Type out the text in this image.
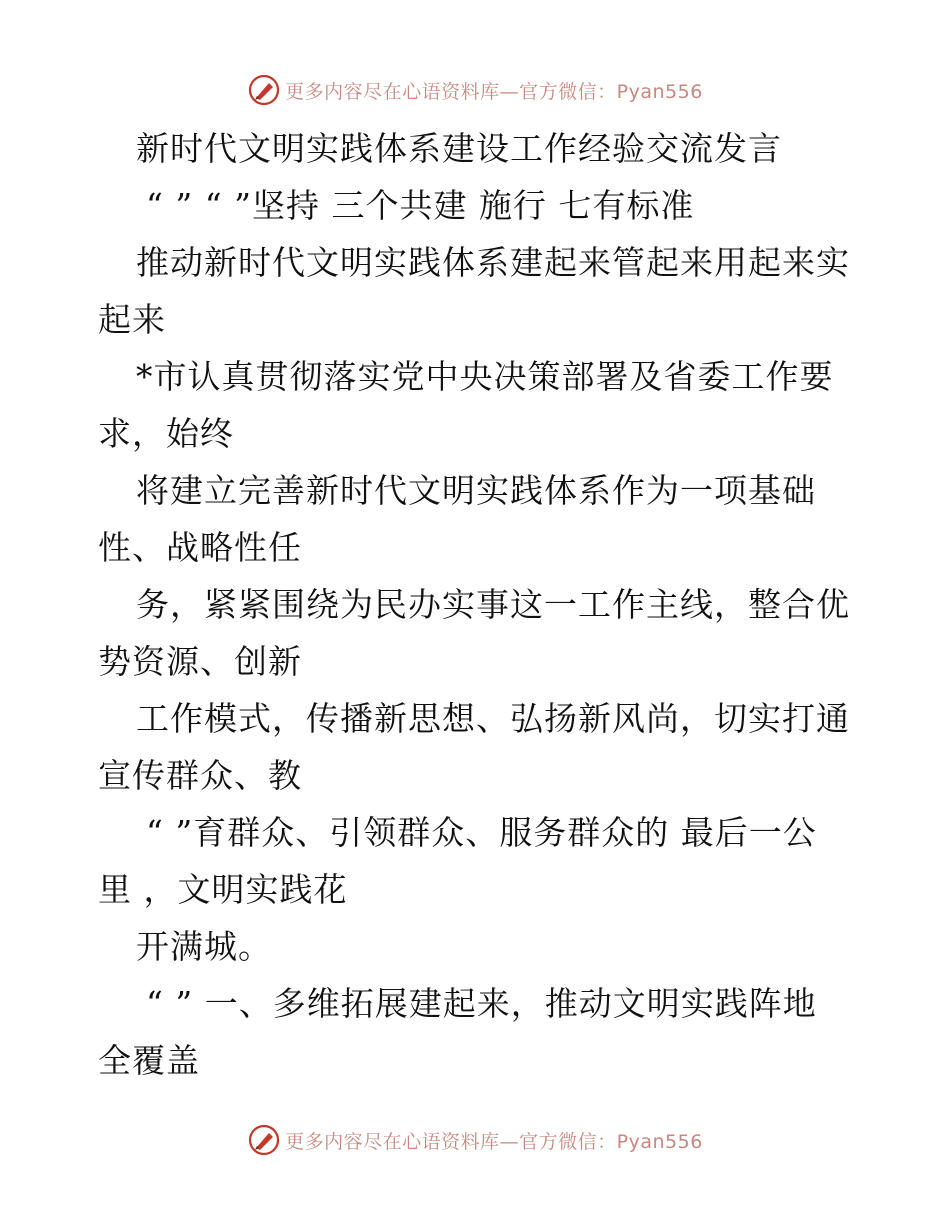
更多内容尽在心语资料库—官方微信：Pyan556
新时代文明实践体系建设工作经验交流发言
“ ” “ ”坚持 三个共建 施行 七有标准
推动新时代文明实践体系建起来管起来用起来实
起来
*市认真贯彻落实党中央决策部署及省委工作要
求，始终
将建立完善新时代文明实践体系作为一项基础
性、战略性任
务，紧紧围绕为民办实事这一工作主线，整合优
势资源、创新
工作模式，传播新思想、弘扬新风尚，切实打通
宣传群众、教
“ ”育群众、引领群众、服务群众的 最后一公
里 ，文明实践花
开满城。
“ ” 一、多维拓展建起来，推动文明实践阵地
全覆盖
更多内容尽在心语资料库—官方微信：Pyan556
